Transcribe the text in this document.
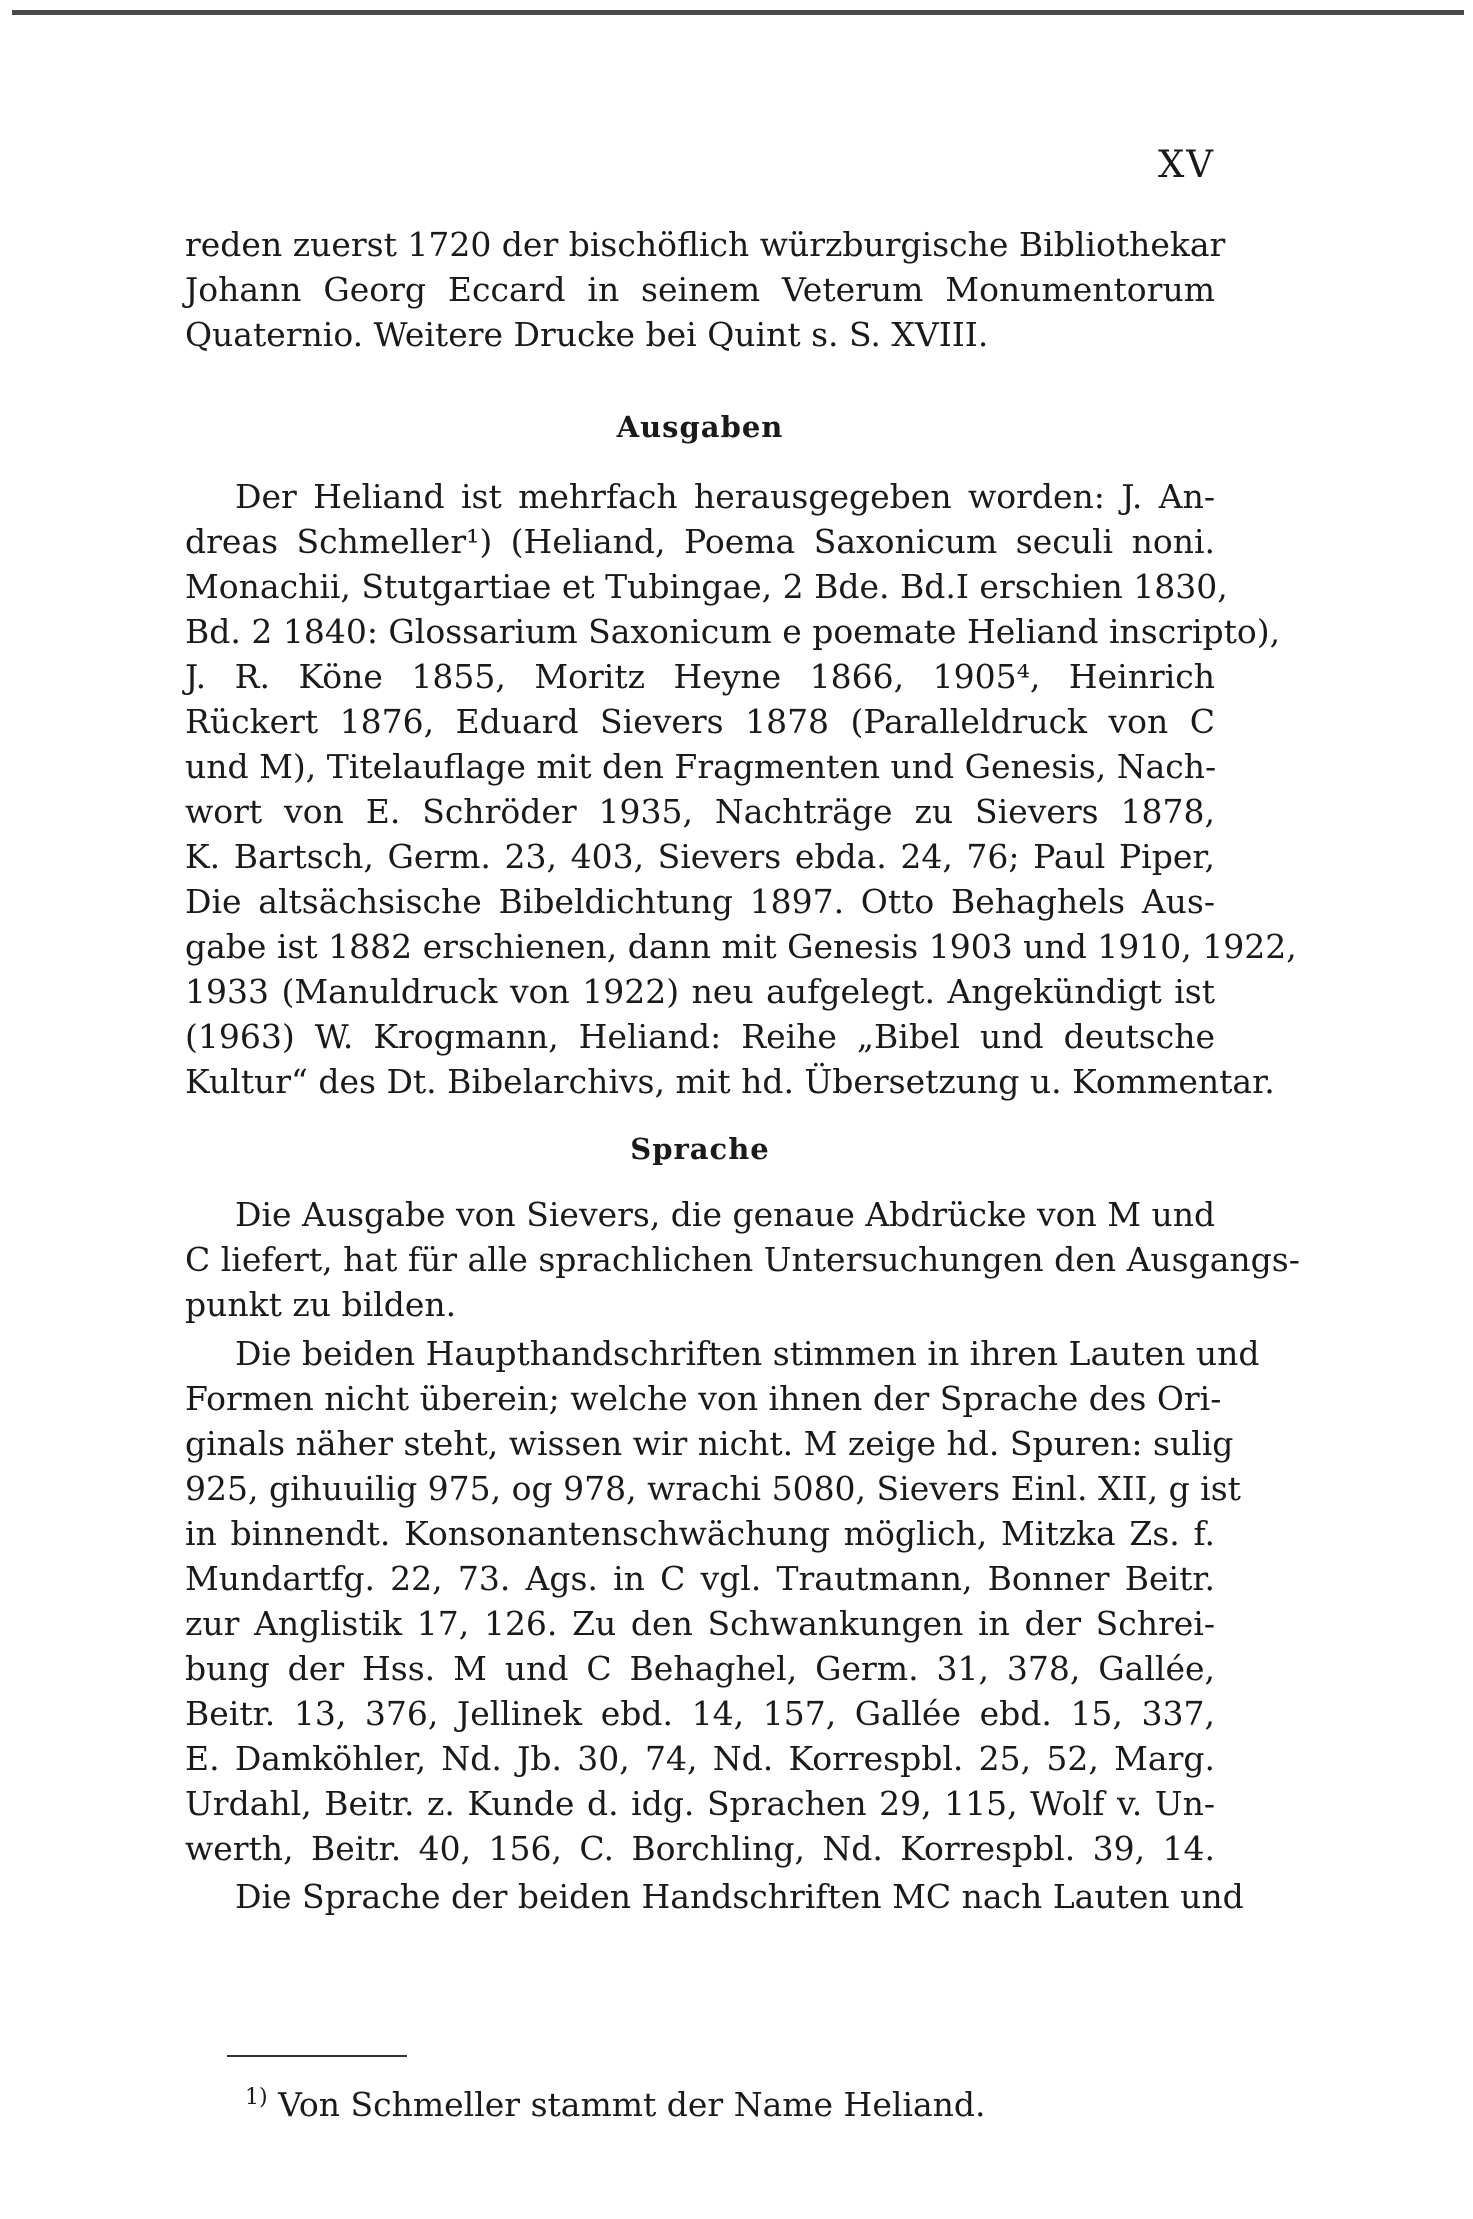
XV
reden zuerst 1720 der bischöflich würzburgische Bibliothekar
Johann Georg Eccard in seinem Veterum Monumentorum
Quaternio. Weitere Drucke bei Quint s. S. XVIII.
Ausgaben
Der Heliand ist mehrfach herausgegeben worden: J. An-
dreas Schmeller¹) (Heliand, Poema Saxonicum seculi noni.
Monachii, Stutgartiae et Tubingae, 2 Bde. Bd.I erschien 1830,
Bd. 2 1840: Glossarium Saxonicum e poemate Heliand inscripto),
J. R. Köne 1855, Moritz Heyne 1866, 1905⁴, Heinrich
Rückert 1876, Eduard Sievers 1878 (Paralleldruck von C
und M), Titelauflage mit den Fragmenten und Genesis, Nach-
wort von E. Schröder 1935, Nachträge zu Sievers 1878,
K. Bartsch, Germ. 23, 403, Sievers ebda. 24, 76; Paul Piper,
Die altsächsische Bibeldichtung 1897. Otto Behaghels Aus-
gabe ist 1882 erschienen, dann mit Genesis 1903 und 1910, 1922,
1933 (Manuldruck von 1922) neu aufgelegt. Angekündigt ist
(1963) W. Krogmann, Heliand: Reihe „Bibel und deutsche
Kultur“ des Dt. Bibelarchivs, mit hd. Übersetzung u. Kommentar.
Sprache
Die Ausgabe von Sievers, die genaue Abdrücke von M und
C liefert, hat für alle sprachlichen Untersuchungen den Ausgangs-
punkt zu bilden.
Die beiden Haupthandschriften stimmen in ihren Lauten und
Formen nicht überein; welche von ihnen der Sprache des Ori-
ginals näher steht, wissen wir nicht. M zeige hd. Spuren: sulig
925, gihuuilig 975, og 978, wrachi 5080, Sievers Einl. XII, g ist
in binnendt. Konsonantenschwächung möglich, Mitzka Zs. f.
Mundartfg. 22, 73. Ags. in C vgl. Trautmann, Bonner Beitr.
zur Anglistik 17, 126. Zu den Schwankungen in der Schrei-
bung der Hss. M und C Behaghel, Germ. 31, 378, Gallée,
Beitr. 13, 376, Jellinek ebd. 14, 157, Gallée ebd. 15, 337,
E. Damköhler, Nd. Jb. 30, 74, Nd. Korrespbl. 25, 52, Marg.
Urdahl, Beitr. z. Kunde d. idg. Sprachen 29, 115, Wolf v. Un-
werth, Beitr. 40, 156, C. Borchling, Nd. Korrespbl. 39, 14.
Die Sprache der beiden Handschriften MC nach Lauten und
$^{1)}$ Von Schmeller stammt der Name Heliand.
